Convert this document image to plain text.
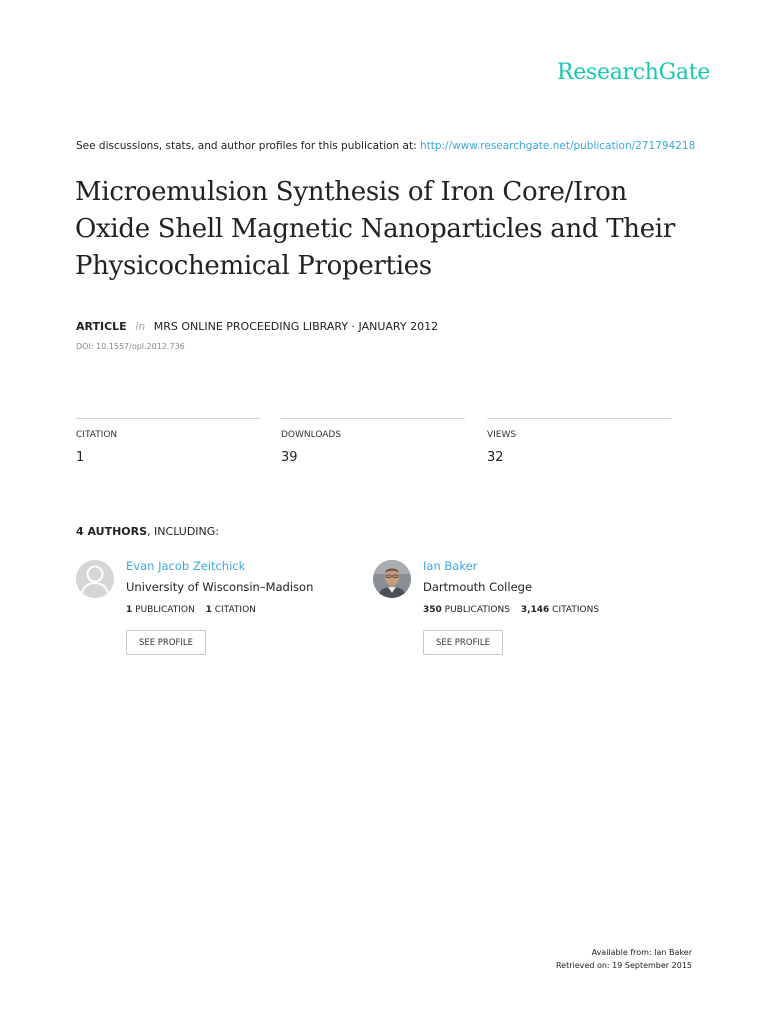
ResearchGate
See discussions, stats, and author profiles for this publication at: http://www.researchgate.net/publication/271794218
Microemulsion Synthesis of Iron Core/Iron Oxide Shell Magnetic Nanoparticles and Their Physicochemical Properties
ARTICLE in MRS ONLINE PROCEEDING LIBRARY · JANUARY 2012
DOI: 10.1557/opl.2012.736
CITATION
1
DOWNLOADS
39
VIEWS
32
4 AUTHORS, INCLUDING:
Evan Jacob Zeitchick
University of Wisconsin–Madison
1 PUBLICATION 1 CITATION
SEE PROFILE
Ian Baker
Dartmouth College
350 PUBLICATIONS 3,146 CITATIONS
SEE PROFILE
Available from: Ian Baker
Retrieved on: 19 September 2015
